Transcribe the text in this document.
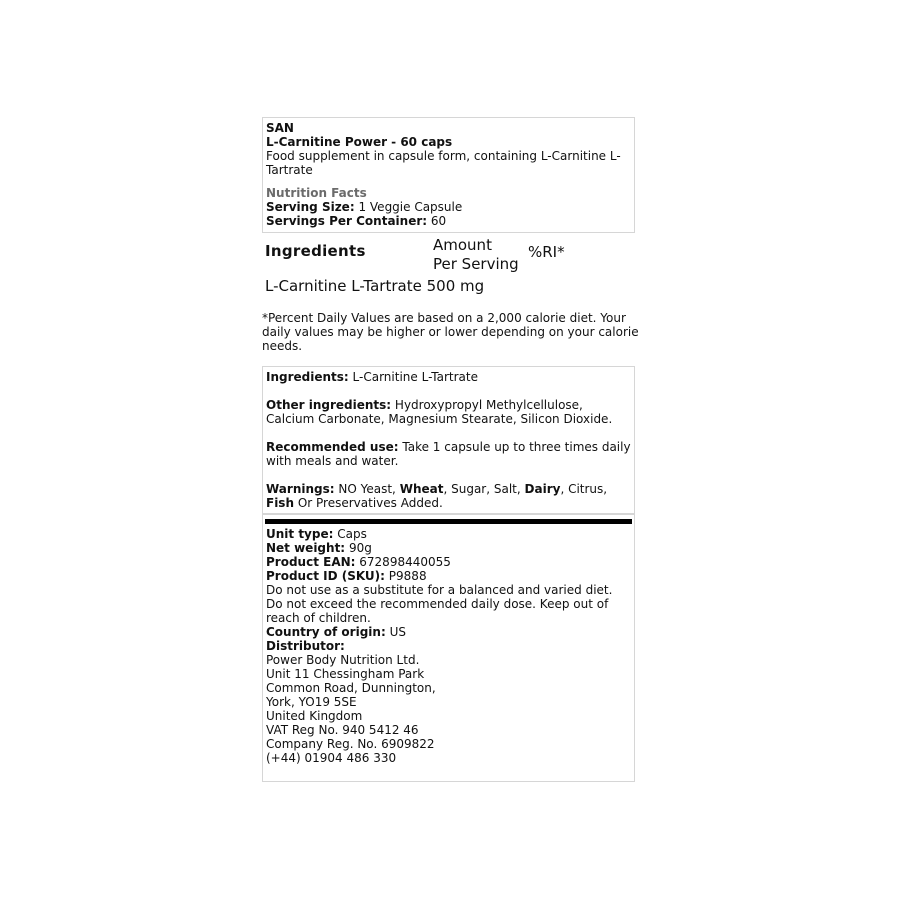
SAN
L-Carnitine Power - 60 caps
Food supplement in capsule form, containing L-Carnitine L-Tartrate
Nutrition Facts
Serving Size: 1 Veggie Capsule
Servings Per Container: 60
Ingredients	Amount
Per Serving
%RI*
L-Carnitine L-Tartrate 500 mg
*Percent Daily Values are based on a 2,000 calorie diet. Your daily values may be higher or lower depending on your calorie needs.

Ingredients: L-Carnitine L-Tartrate

Other ingredients: Hydroxypropyl Methylcellulose, Calcium Carbonate, Magnesium Stearate, Silicon Dioxide.

Recommended use: Take 1 capsule up to three times daily with meals and water.

Warnings: NO Yeast, Wheat, Sugar, Salt, Dairy, Citrus, Fish Or Preservatives Added.

Unit type: Caps
Net weight: 90g
Product EAN: 672898440055
Product ID (SKU): P9888
Do not use as a substitute for a balanced and varied diet. Do not exceed the recommended daily dose. Keep out of reach of children.
Country of origin: US
Distributor:
Power Body Nutrition Ltd.
Unit 11 Chessingham Park
Common Road, Dunnington,
York, YO19 5SE
United Kingdom
VAT Reg No. 940 5412 46
Company Reg. No. 6909822
(+44) 01904 486 330
